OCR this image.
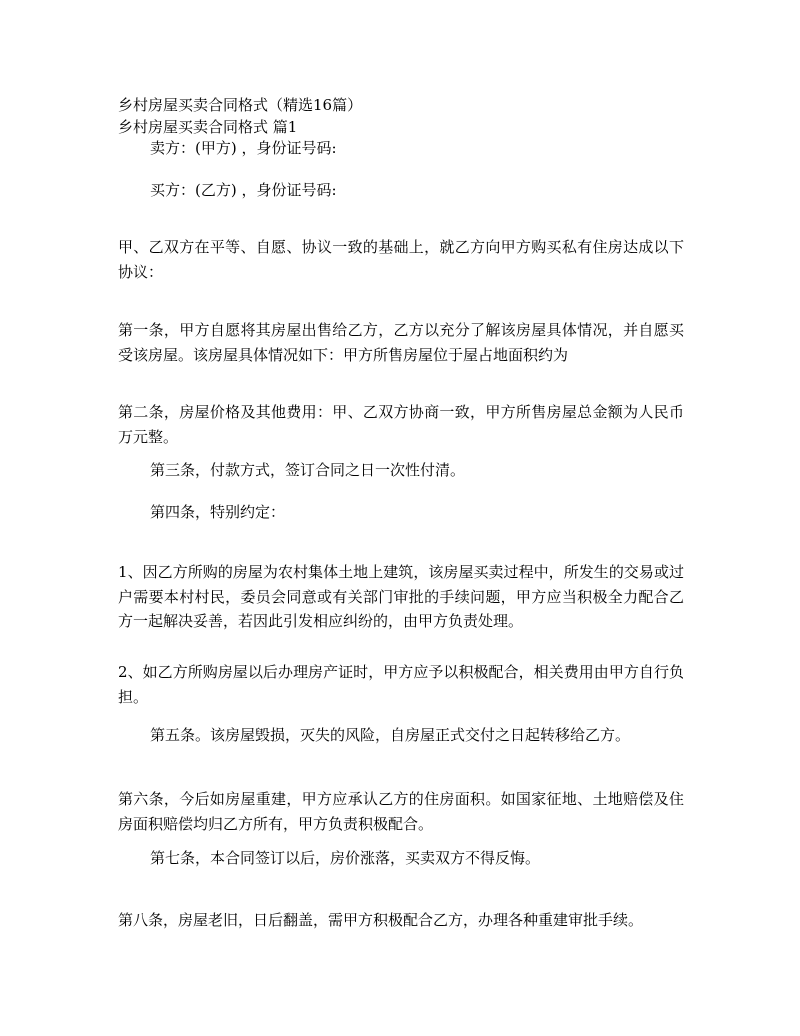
乡村房屋买卖合同格式（精选16篇）
乡村房屋买卖合同格式 篇1
卖方：(甲方) ，身份证号码:
买方：(乙方) ，身份证号码:
甲、乙双方在平等、自愿、协议一致的基础上，就乙方向甲方购买私有住房达成以下协议：
第一条，甲方自愿将其房屋出售给乙方，乙方以充分了解该房屋具体情况，并自愿买受该房屋。该房屋具体情况如下：甲方所售房屋位于屋占地面积约为
第二条，房屋价格及其他费用：甲、乙双方协商一致，甲方所售房屋总金额为人民币 万元整。
第三条，付款方式，签订合同之日一次性付清。
第四条，特别约定：
1、因乙方所购的房屋为农村集体土地上建筑，该房屋买卖过程中，所发生的交易或过户需要本村村民，委员会同意或有关部门审批的手续问题，甲方应当积极全力配合乙方一起解决妥善，若因此引发相应纠纷的，由甲方负责处理。
2、如乙方所购房屋以后办理房产证时，甲方应予以积极配合，相关费用由甲方自行负担。
第五条。该房屋毁损，灭失的风险，自房屋正式交付之日起转移给乙方。
第六条，今后如房屋重建，甲方应承认乙方的住房面积。如国家征地、土地赔偿及住房面积赔偿均归乙方所有，甲方负责积极配合。
第七条，本合同签订以后，房价涨落，买卖双方不得反悔。
第八条，房屋老旧，日后翻盖，需甲方积极配合乙方，办理各种重建审批手续。
